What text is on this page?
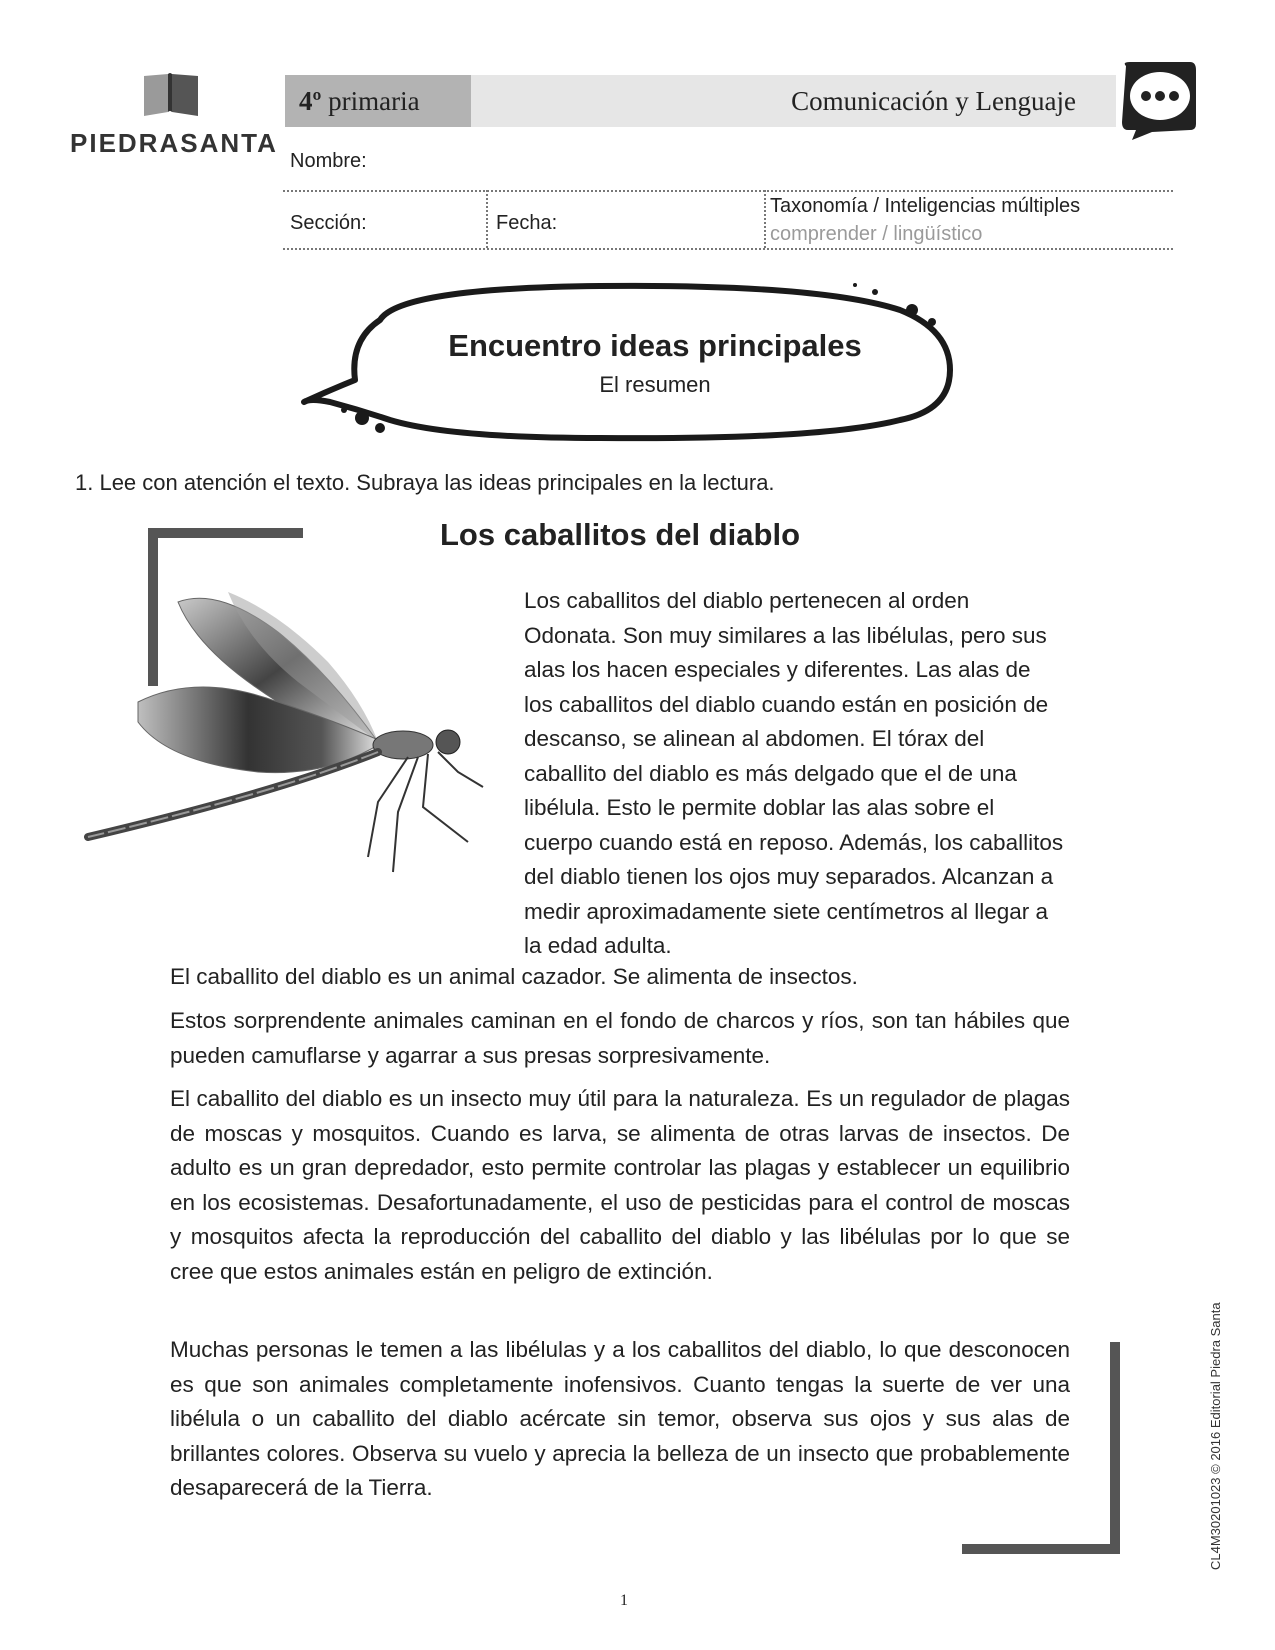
PIEDRASANTA
4º primaria	Comunicación y Lenguaje
Nombre:
Sección:	Fecha:
Taxonomía / Inteligencias múltiples
comprender / lingüístico
Encuentro ideas principales
El resumen
1. Lee con atención el texto. Subraya las ideas principales en la lectura.
Los caballitos del diablo
Los caballitos del diablo pertenecen al orden Odonata. Son muy similares a las libélulas, pero sus alas los hacen especiales y diferentes. Las alas de los caballitos del diablo cuando están en posición de descanso, se alinean al abdomen. El tórax del caballito del diablo es más delgado que el de una libélula. Esto le permite doblar las alas sobre el cuerpo cuando está en reposo. Además, los caballitos del diablo tienen los ojos muy separados. Alcanzan a medir aproximadamente siete centímetros al llegar a la edad adulta.
El caballito del diablo es un animal cazador. Se alimenta de insectos.
Estos sorprendente animales caminan en el fondo de charcos y ríos, son tan hábiles que pueden camuflarse y agarrar a sus presas sorpresivamente.
El caballito del diablo es un insecto muy útil para la naturaleza. Es un regulador de plagas de moscas y mosquitos. Cuando es larva, se alimenta de otras larvas de insectos. De adulto es un gran depredador, esto permite controlar las plagas y establecer un equilibrio en los ecosistemas. Desafortunadamente, el uso de pesticidas para el control de moscas y mosquitos afecta la reproducción del caballito del diablo y las libélulas por lo que se cree que estos animales están en peligro de extinción.
Muchas personas le temen a las libélulas y a los caballitos del diablo, lo que desconocen es que son animales completamente inofensivos. Cuanto tengas la suerte de ver una libélula o un caballito del diablo acércate sin temor, observa sus ojos y sus alas de brillantes colores. Observa su vuelo y aprecia la belleza de un insecto que probablemente desaparecerá de la Tierra.
1
CL4M30201023 © 2016 Editorial Piedra Santa
